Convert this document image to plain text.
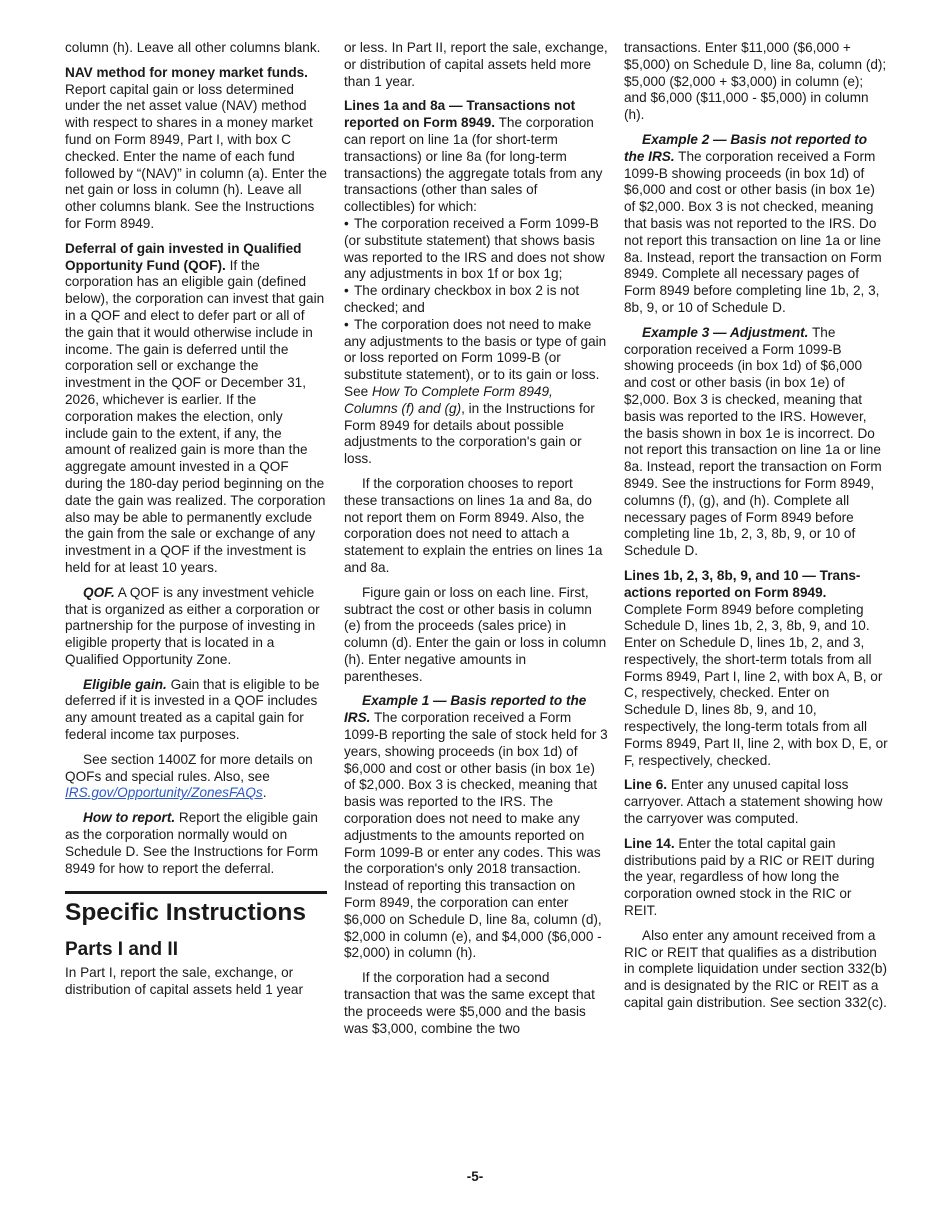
column (h). Leave all other columns blank.

NAV method for money market funds. Report capital gain or loss determined under the net asset value (NAV) method with respect to shares in a money market fund on Form 8949, Part I, with box C checked. Enter the name of each fund followed by “(NAV)” in column (a). Enter the net gain or loss in column (h). Leave all other columns blank. See the Instructions for Form 8949.

Deferral of gain invested in Qualified Opportunity Fund (QOF). If the corporation has an eligible gain (defined below), the corporation can invest that gain in a QOF and elect to defer part or all of the gain that it would otherwise include in income. The gain is deferred until the corporation sell or exchange the investment in the QOF or December 31, 2026, whichever is earlier. If the corporation makes the election, only include gain to the extent, if any, the amount of realized gain is more than the aggregate amount invested in a QOF during the 180-day period beginning on the date the gain was realized. The corporation also may be able to permanently exclude the gain from the sale or exchange of any investment in a QOF if the investment is held for at least 10 years.

QOF. A QOF is any investment vehicle that is organized as either a corporation or partnership for the purpose of investing in eligible property that is located in a Qualified Opportunity Zone.

Eligible gain. Gain that is eligible to be deferred if it is invested in a QOF includes any amount treated as a capital gain for federal income tax purposes.

See section 1400Z for more details on QOFs and special rules. Also, see IRS.gov/Opportunity/ZonesFAQs.

How to report. Report the eligible gain as the corporation normally would on Schedule D. See the Instructions for Form 8949 for how to report the deferral.

Specific Instructions
Parts I and II

In Part I, report the sale, exchange, or distribution of capital assets held 1 year

or less. In Part II, report the sale, exchange, or distribution of capital assets held more than 1 year.

Lines 1a and 8a — Transactions not reported on Form 8949. The corporation can report on line 1a (for short-term transactions) or line 8a (for long-term transactions) the aggregate totals from any transactions (other than sales of collectibles) for which:
• The corporation received a Form 1099-B (or substitute statement) that shows basis was reported to the IRS and does not show any adjustments in box 1f or box 1g;
• The ordinary checkbox in box 2 is not checked; and
• The corporation does not need to make any adjustments to the basis or type of gain or loss reported on Form 1099-B (or substitute statement), or to its gain or loss.

See How To Complete Form 8949, Columns (f) and (g), in the Instructions for Form 8949 for details about possible adjustments to the corporation's gain or loss.

If the corporation chooses to report these transactions on lines 1a and 8a, do not report them on Form 8949. Also, the corporation does not need to attach a statement to explain the entries on lines 1a and 8a.

Figure gain or loss on each line. First, subtract the cost or other basis in column (e) from the proceeds (sales price) in column (d). Enter the gain or loss in column (h). Enter negative amounts in parentheses.

Example 1 — Basis reported to the IRS. The corporation received a Form 1099-B reporting the sale of stock held for 3 years, showing proceeds (in box 1d) of $6,000 and cost or other basis (in box 1e) of $2,000. Box 3 is checked, meaning that basis was reported to the IRS. The corporation does not need to make any adjustments to the amounts reported on Form 1099-B or enter any codes. This was the corporation's only 2018 transaction. Instead of reporting this transaction on Form 8949, the corporation can enter $6,000 on Schedule D, line 8a, column (d), $2,000 in column (e), and $4,000 ($6,000 - $2,000) in column (h).

If the corporation had a second transaction that was the same except that the proceeds were $5,000 and the basis was $3,000, combine the two

transactions. Enter $11,000 ($6,000 + $5,000) on Schedule D, line 8a, column (d); $5,000 ($2,000 + $3,000) in column (e); and $6,000 ($11,000 - $5,000) in column (h).

Example 2 — Basis not reported to the IRS. The corporation received a Form 1099-B showing proceeds (in box 1d) of $6,000 and cost or other basis (in box 1e) of $2,000. Box 3 is not checked, meaning that basis was not reported to the IRS. Do not report this transaction on line 1a or line 8a. Instead, report the transaction on Form 8949. Complete all necessary pages of Form 8949 before completing line 1b, 2, 3, 8b, 9, or 10 of Schedule D.

Example 3 — Adjustment. The corporation received a Form 1099-B showing proceeds (in box 1d) of $6,000 and cost or other basis (in box 1e) of $2,000. Box 3 is checked, meaning that basis was reported to the IRS. However, the basis shown in box 1e is incorrect. Do not report this transaction on line 1a or line 8a. Instead, report the transaction on Form 8949. See the instructions for Form 8949, columns (f), (g), and (h). Complete all necessary pages of Form 8949 before completing line 1b, 2, 3, 8b, 9, or 10 of Schedule D.

Lines 1b, 2, 3, 8b, 9, and 10 — Trans-actions reported on Form 8949. Complete Form 8949 before completing Schedule D, lines 1b, 2, 3, 8b, 9, and 10. Enter on Schedule D, lines 1b, 2, and 3, respectively, the short-term totals from all Forms 8949, Part I, line 2, with box A, B, or C, respectively, checked. Enter on Schedule D, lines 8b, 9, and 10, respectively, the long-term totals from all Forms 8949, Part II, line 2, with box D, E, or F, respectively, checked.

Line 6. Enter any unused capital loss carryover. Attach a statement showing how the carryover was computed.

Line 14. Enter the total capital gain distributions paid by a RIC or REIT during the year, regardless of how long the corporation owned stock in the RIC or REIT.

Also enter any amount received from a RIC or REIT that qualifies as a distribution in complete liquidation under section 332(b) and is designated by the RIC or REIT as a capital gain distribution. See section 332(c).

-5-
